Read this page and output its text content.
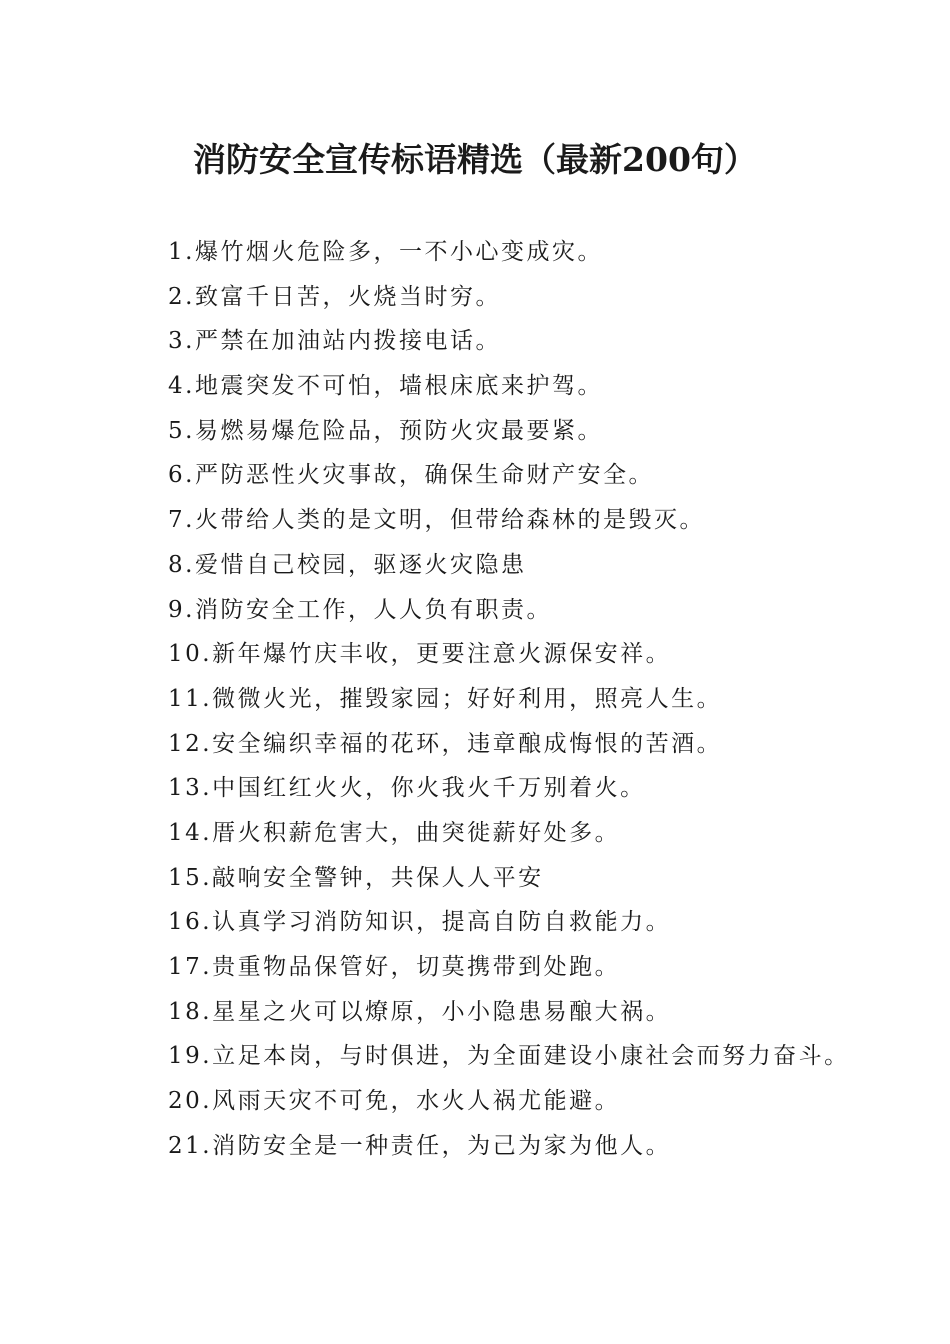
消防安全宣传标语精选（最新200句）
1.爆竹烟火危险多，一不小心变成灾。
2.致富千日苦，火烧当时穷。
3.严禁在加油站内拨接电话。
4.地震突发不可怕，墙根床底来护驾。
5.易燃易爆危险品，预防火灾最要紧。
6.严防恶性火灾事故，确保生命财产安全。
7.火带给人类的是文明，但带给森林的是毁灭。
8.爱惜自己校园，驱逐火灾隐患
9.消防安全工作，人人负有职责。
10.新年爆竹庆丰收，更要注意火源保安祥。
11.微微火光，摧毁家园；好好利用，照亮人生。
12.安全编织幸福的花环，违章酿成悔恨的苦酒。
13.中国红红火火，你火我火千万别着火。
14.厝火积薪危害大，曲突徙薪好处多。
15.敲响安全警钟，共保人人平安
16.认真学习消防知识，提高自防自救能力。
17.贵重物品保管好，切莫携带到处跑。
18.星星之火可以燎原，小小隐患易酿大祸。
19.立足本岗，与时俱进，为全面建设小康社会而努力奋斗。
20.风雨天灾不可免，水火人祸尤能避。
21.消防安全是一种责任，为己为家为他人。
